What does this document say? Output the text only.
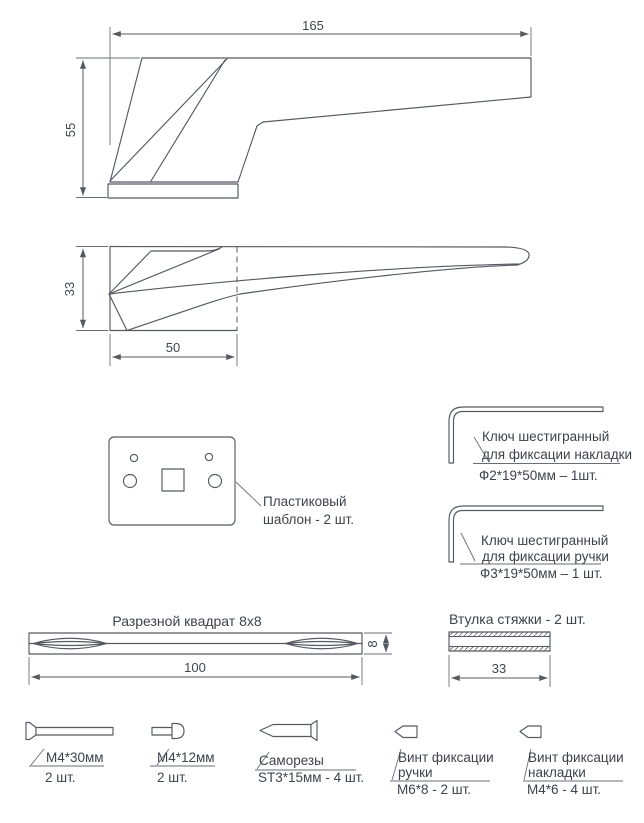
165
55
33
50
Пластиковый
шаблон - 2 шт.
Ключ шестигранный
для фиксации накладки
Ф2*19*50мм – 1шт.
Ключ шестигранный
для фиксации ручки
Ф3*19*50мм – 1 шт.
Разрезной квадрат 8x8
8
100
Втулка стяжки - 2 шт.
33
М4*30мм
2 шт.
М4*12мм
2 шт.
Саморезы
ST3*15мм - 4 шт.
Винт фиксации
ручки
М6*8 - 2 шт.
Винт фиксации
накладки
М4*6 - 4 шт.
